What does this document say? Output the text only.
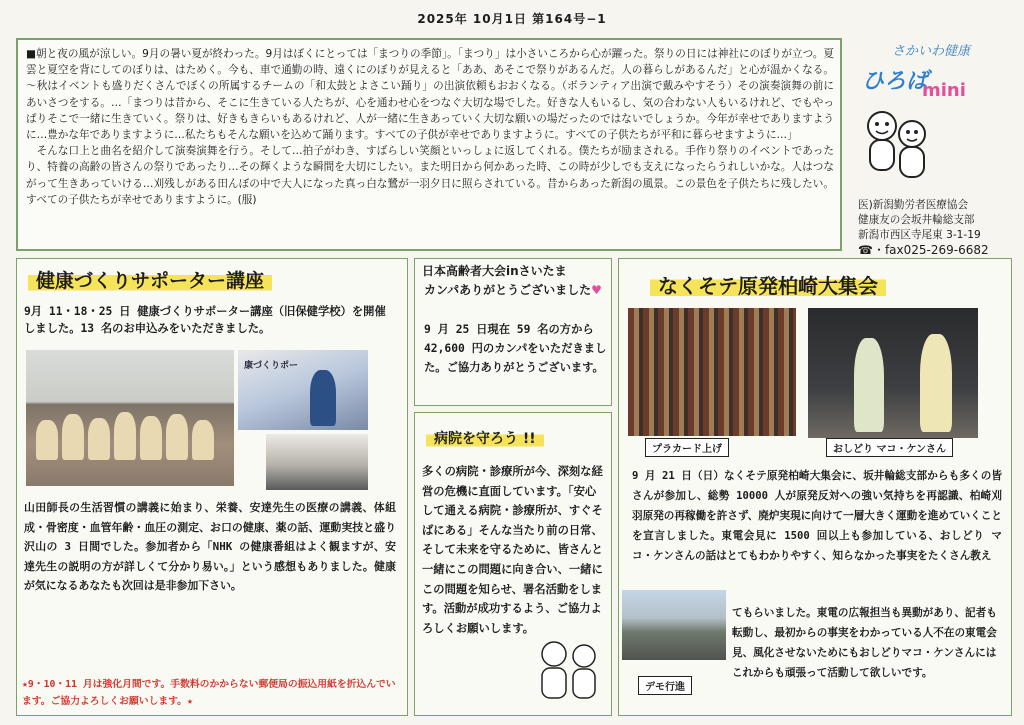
2025年 10月1日 第164号−1

■朝と夜の風が涼しい。9月の暑い夏が終わった。9月はぼくにとっては「まつりの季節」。「まつり」は小さいころから心が躍った。祭りの日には神社にのぼりが立つ。夏雲と夏空を背にしてのぼりは、はためく。今も、車で通勤の時、遠くにのぼりが見えると「ああ、あそこで祭りがあるんだ。人の暮らしがあるんだ」と心が温かくなる。～秋はイベントも盛りだくさんでぼくの所属するチームの「和太鼓とよさこい踊り」の出演依頼もおおくなる。（ボランティア出演で戴みやすそう）その演奏演舞の前にあいさつをする。…「まつりは昔から、そこに生きている人たちが、心を通わせ心をつなぐ大切な場でした。好きな人もいるし、気の合わない人もいるけれど、でもやっぱりそこで一緒に生きていく。祭りは、好きもきらいもあるけれど、人が一緒に生きあっていく大切な願いの場だったのではないでしょうか。今年が幸せでありますように…豊かな年でありますように…私たちもそんな願いを込めて踊ります。すべての子供が幸せでありますように。すべての子供たちが平和に暮らせますように…」

　そんな口上と曲名を紹介して演奏演舞を行う。そして…拍子がわき、すばらしい笑顔といっしょに返してくれる。僕たちが励まされる。手作り祭りのイベントであったり、特養の高齢の皆さんの祭りであったり…その輝くような瞬間を大切にしたい。また明日から何かあった時、この時が少しでも支えになったらうれしいかな。人はつながって生きあっていける…刈残しがある田んぼの中で大人になった真っ白な鷺が一羽夕日に照らされている。昔からあった新潟の風景。この景色を子供たちに残したい。すべての子供たちが幸せでありますように。(服)

さかいわ健康
ひろば
mini
医)新潟勤労者医療協会
健康友の会坂井輪総支部
新潟市西区寺尾東 3-1-19
☎・fax025-269-6682
健康づくりサポーター講座
9月 11・18・25 日 健康づくりサポーター講座（旧保健学校）を開催しました。13 名のお申込みをいただきました。
康づくりポー
山田師長の生活習慣の講義に始まり、栄養、安達先生の医療の講義、体組成・骨密度・血管年齢・血圧の測定、お口の健康、薬の話、運動実技と盛り沢山の 3 日間でした。参加者から「NHK の健康番組はよく観ますが、安達先生の説明の方が詳しくて分かり易い。」という感想もありました。健康が気になるあなたも次回は是非参加下さい。
★9・10・11 月は強化月間です。手数料のかからない郵便局の振込用紙を折込んでいます。ご協力よろしくお願いします。★
日本高齢者大会inさいたま
カンパありがとうございました♥
9 月 25 日現在 59 名の方から 42,600 円のカンパをいただきました。ご協力ありがとうございます。
病院を守ろう !!
多くの病院・診療所が今、深刻な経営の危機に直面しています。「安心して通える病院・診療所が、すぐそばにある」そんな当たり前の日常、そして未来を守るために、皆さんと一緒にこの問題に向き合い、一緒にこの問題を知らせ、署名活動をします。活動が成功するよう、ご協力よろしくお願いします。
なくそテ原発柏崎大集会
プラカード上げ	おしどり マコ・ケンさん
9 月 21 日（日）なくそテ原発柏崎大集会に、坂井輪総支部からも多くの皆さんが参加し、総勢 10000 人が原発反対への強い気持ちを再認識、柏崎刈羽原発の再稼働を許さず、廃炉実現に向けて一層大きく運動を進めていくことを宣言しました。東電会見に 1500 回以上も参加している、おしどり マコ・ケンさんの話はとてもわかりやすく、知らなかった事実をたくさん教え
てもらいました。東電の広報担当も異動があり、記者も転動し、最初からの事実をわかっている人不在の東電会見、風化させないためにもおしどりマコ・ケンさんにはこれからも頑張って活動して欲しいです。
デモ行進
